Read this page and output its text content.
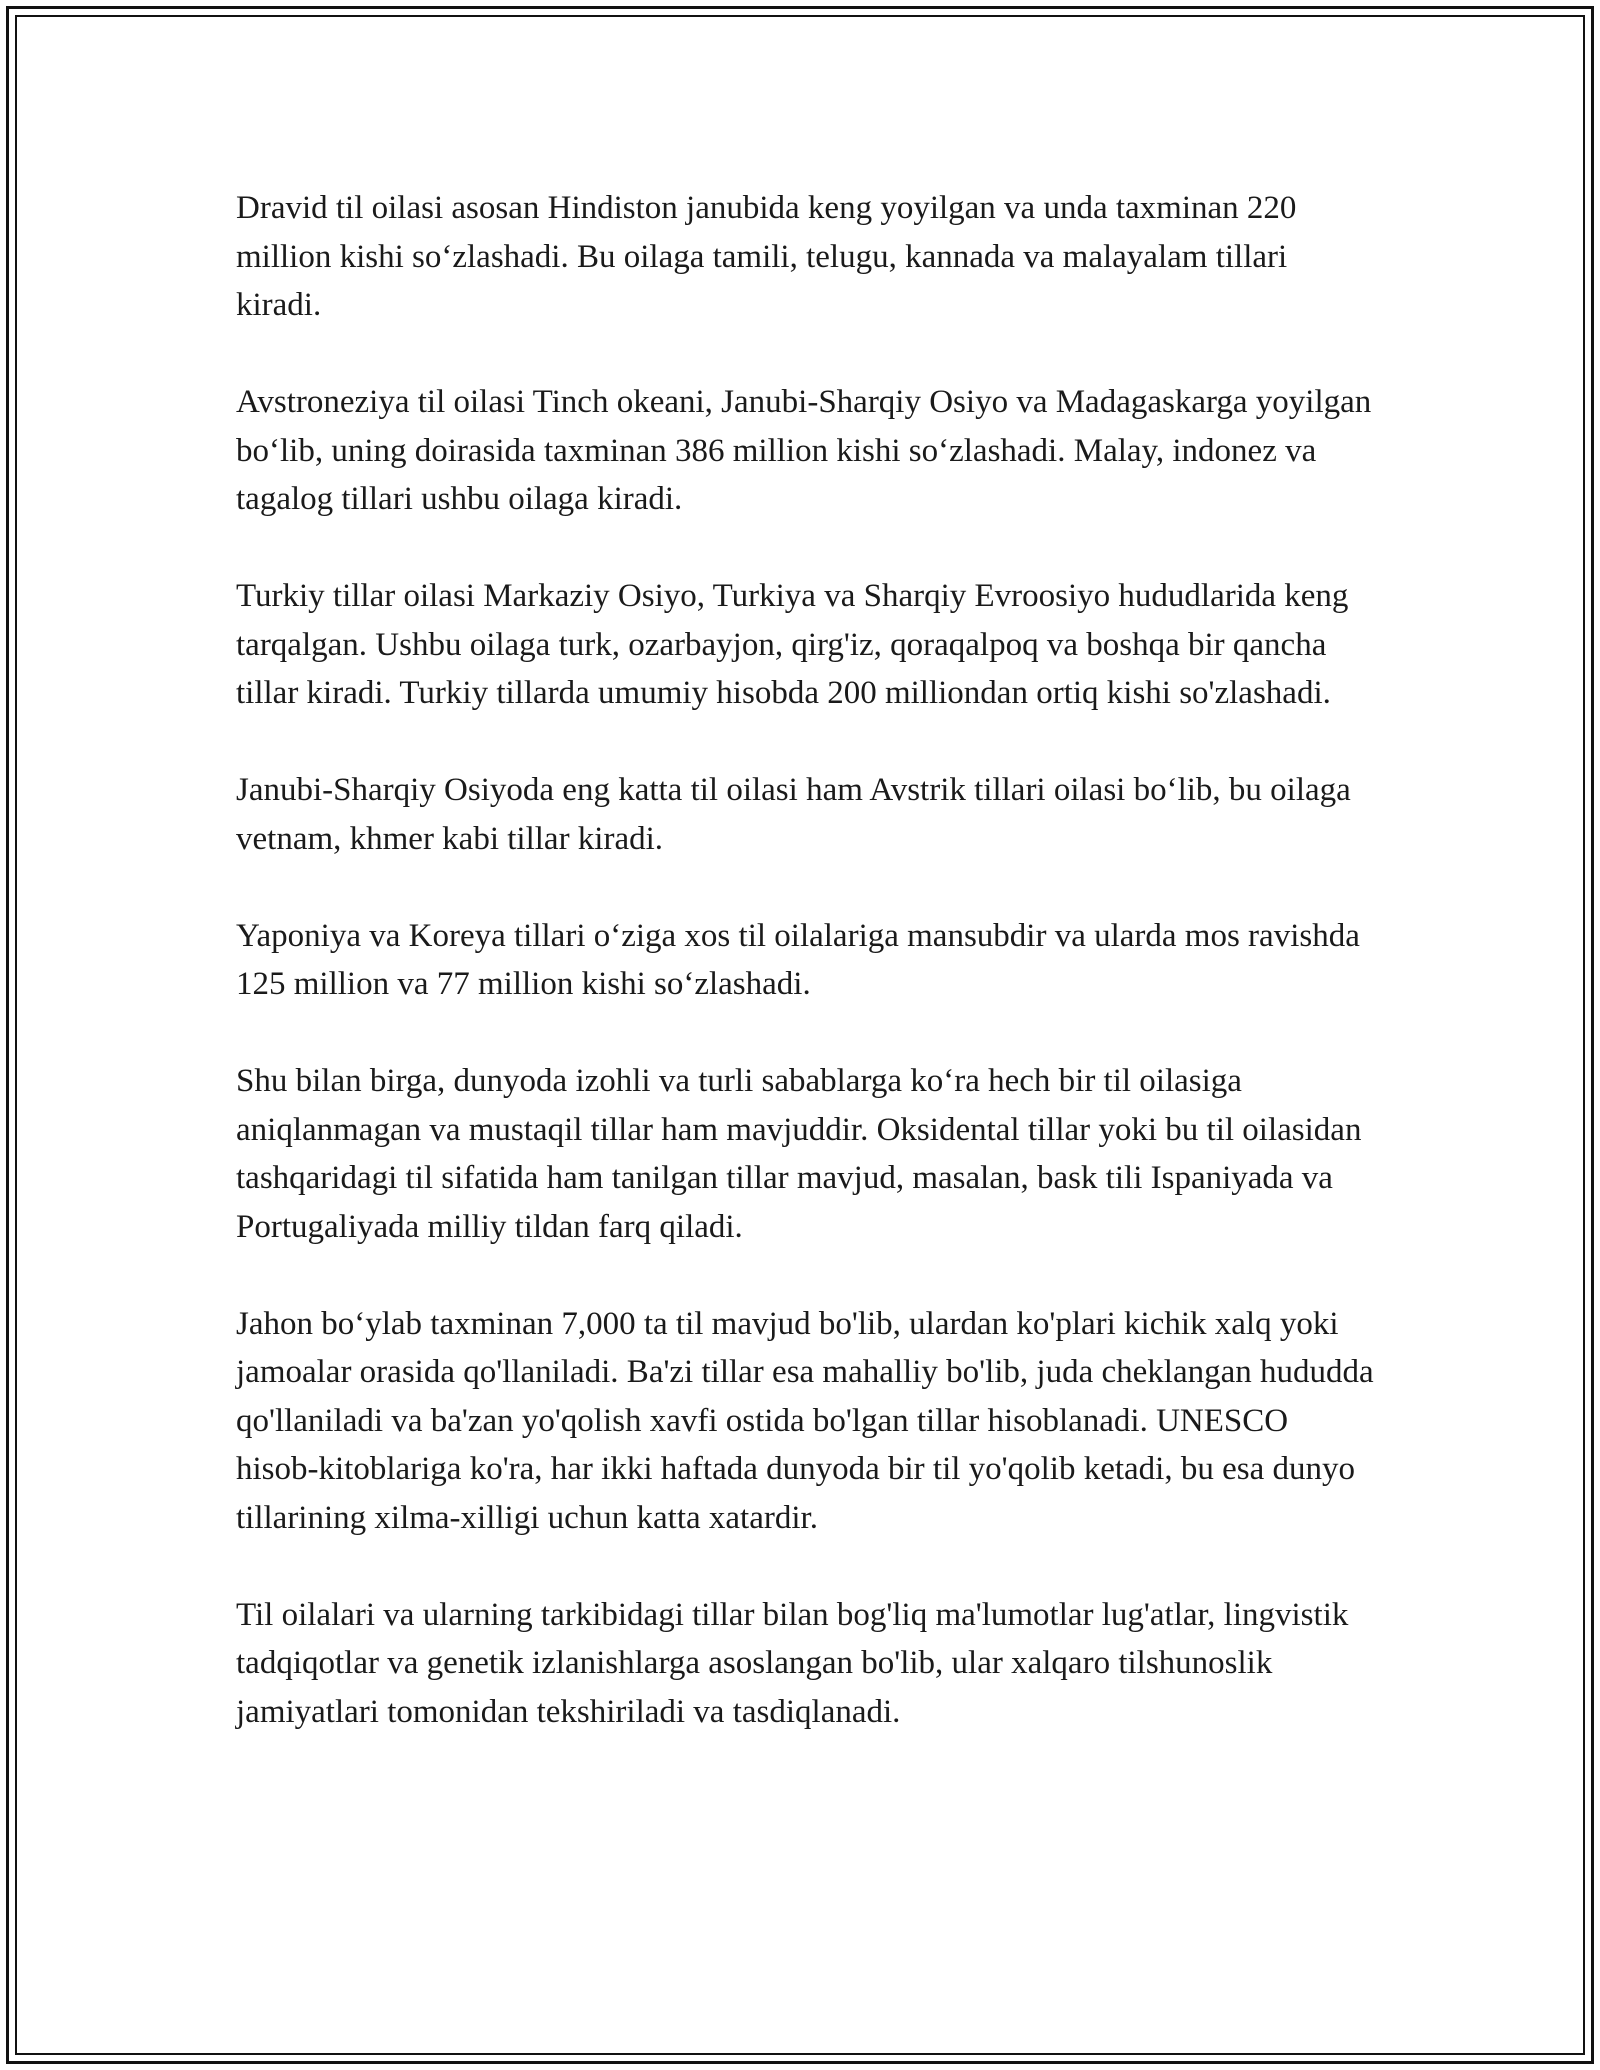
Dravid til oilasi asosan Hindiston janubida keng yoyilgan va unda taxminan 220 million kishi so‘zlashadi. Bu oilaga tamili, telugu, kannada va malayalam tillari kiradi.

Avstroneziya til oilasi Tinch okeani, Janubi-Sharqiy Osiyo va Madagaskarga yoyilgan bo‘lib, uning doirasida taxminan 386 million kishi so‘zlashadi. Malay, indonez va tagalog tillari ushbu oilaga kiradi.

Turkiy tillar oilasi Markaziy Osiyo, Turkiya va Sharqiy Evroosiyo hududlarida keng tarqalgan. Ushbu oilaga turk, ozarbayjon, qirg'iz, qoraqalpoq va boshqa bir qancha tillar kiradi. Turkiy tillarda umumiy hisobda 200 milliondan ortiq kishi so'zlashadi.

Janubi-Sharqiy Osiyoda eng katta til oilasi ham Avstrik tillari oilasi bo‘lib, bu oilaga vetnam, khmer kabi tillar kiradi.

Yaponiya va Koreya tillari o‘ziga xos til oilalariga mansubdir va ularda mos ravishda 125 million va 77 million kishi so‘zlashadi.

Shu bilan birga, dunyoda izohli va turli sabablarga ko‘ra hech bir til oilasiga aniqlanmagan va mustaqil tillar ham mavjuddir. Oksidental tillar yoki bu til oilasidan tashqaridagi til sifatida ham tanilgan tillar mavjud, masalan, bask tili Ispaniyada va Portugaliyada milliy tildan farq qiladi.

Jahon bo‘ylab taxminan 7,000 ta til mavjud bo'lib, ulardan ko'plari kichik xalq yoki jamoalar orasida qo'llaniladi. Ba'zi tillar esa mahalliy bo'lib, juda cheklangan hududda qo'llaniladi va ba'zan yo'qolish xavfi ostida bo'lgan tillar hisoblanadi. UNESCO hisob-kitoblariga ko'ra, har ikki haftada dunyoda bir til yo'qolib ketadi, bu esa dunyo tillarining xilma-xilligi uchun katta xatardir.

Til oilalari va ularning tarkibidagi tillar bilan bog'liq ma'lumotlar lug'atlar, lingvistik tadqiqotlar va genetik izlanishlarga asoslangan bo'lib, ular xalqaro tilshunoslik jamiyatlari tomonidan tekshiriladi va tasdiqlanadi.
